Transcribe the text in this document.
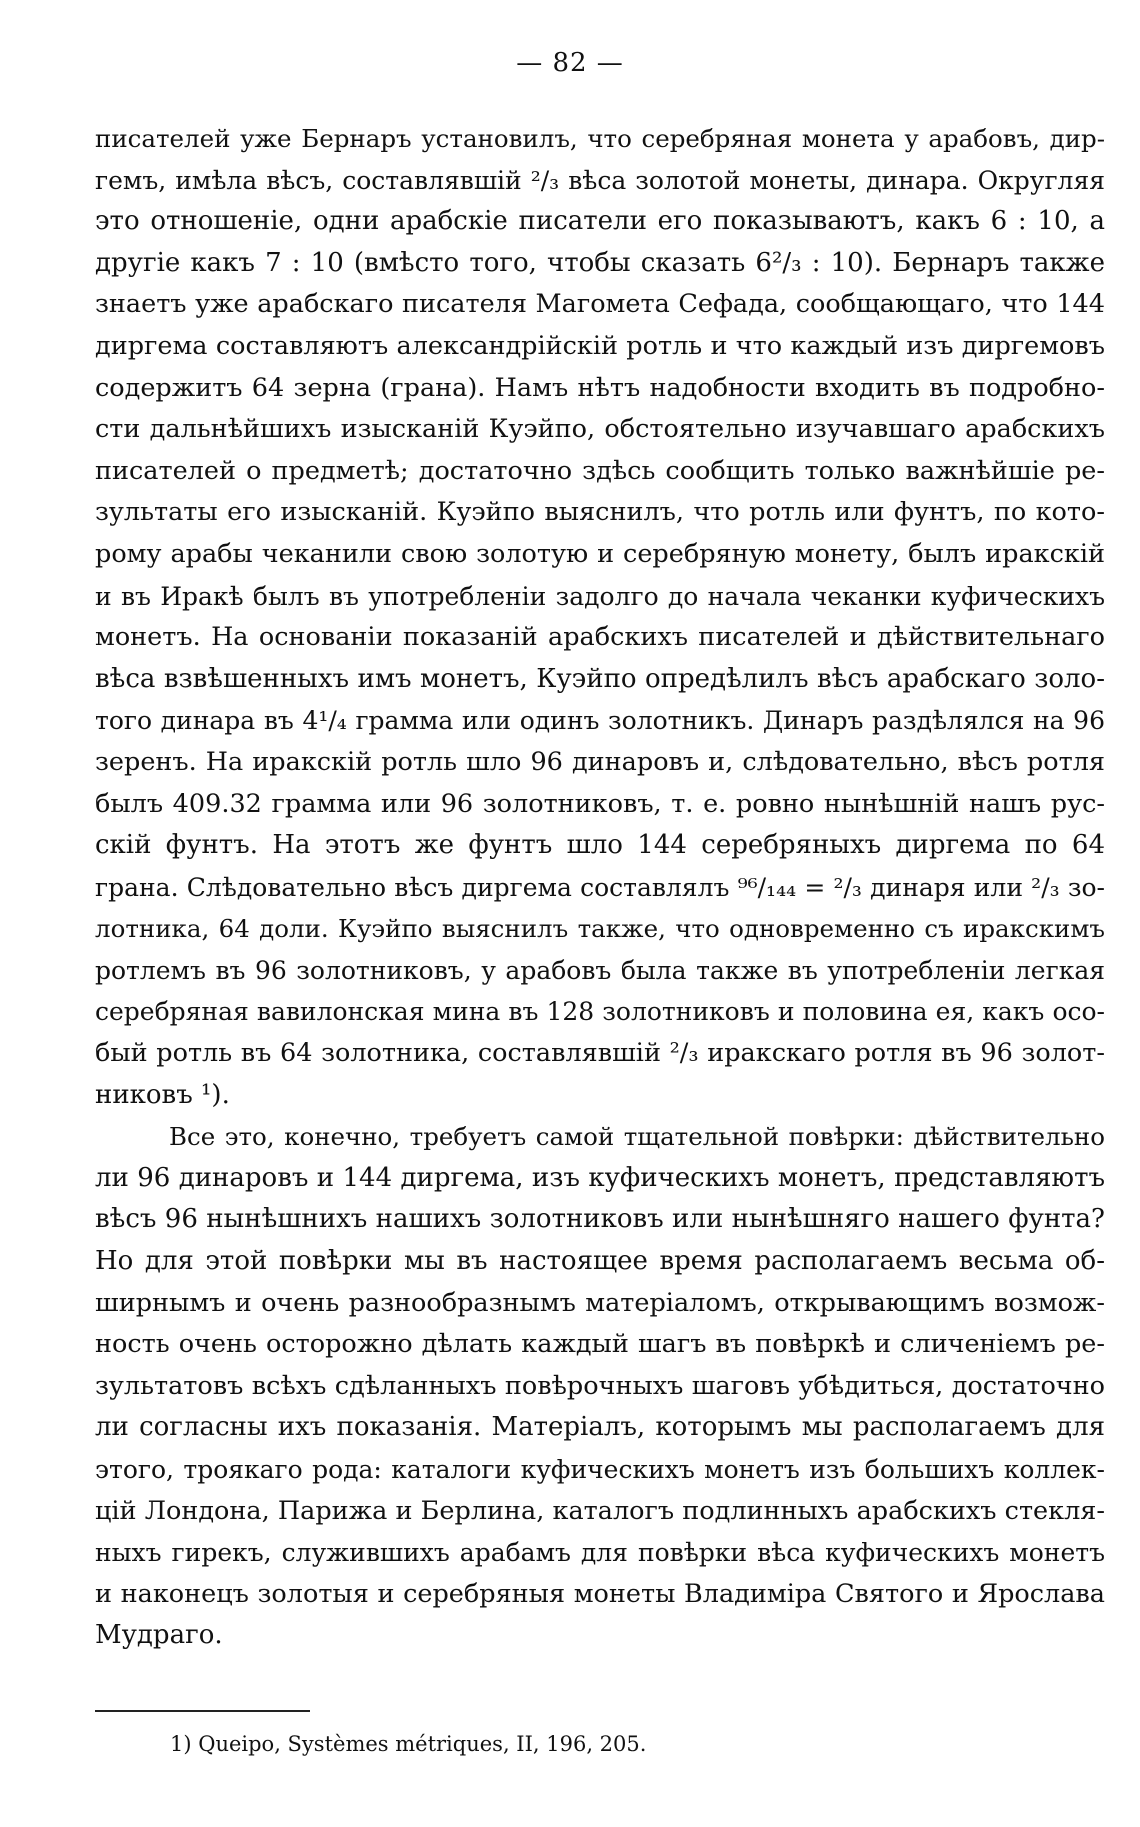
— 82 —
писателей уже Бернаръ установилъ, что серебряная монета у арабовъ, дир-
гемъ, имѣла вѣсъ, составлявшій ²/₃ вѣса золотой монеты, динара. Округляя
это отношеніе, одни арабскіе писатели его показываютъ, какъ 6 : 10, а
другіе какъ 7 : 10 (вмѣсто того, чтобы сказать 6²/₃ : 10). Бернаръ также
знаетъ уже арабскаго писателя Магомета Сефада, сообщающаго, что 144
диргема составляютъ александрійскій ротль и что каждый изъ диргемовъ
содержитъ 64 зерна (грана). Намъ нѣтъ надобности входить въ подробно-
сти дальнѣйшихъ изысканій Куэйпо, обстоятельно изучавшаго арабскихъ
писателей о предметѣ; достаточно здѣсь сообщить только важнѣйшіе ре-
зультаты его изысканій. Куэйпо выяснилъ, что ротль или фунтъ, по кото-
рому арабы чеканили свою золотую и серебряную монету, былъ иракскій
и въ Иракѣ былъ въ употребленіи задолго до начала чеканки куфическихъ
монетъ. На основаніи показаній арабскихъ писателей и дѣйствительнаго
вѣса взвѣшенныхъ имъ монетъ, Куэйпо опредѣлилъ вѣсъ арабскаго золо-
того динара въ 4¹/₄ грамма или одинъ золотникъ. Динаръ раздѣлялся на 96
зеренъ. На иракскій ротль шло 96 динаровъ и, слѣдовательно, вѣсъ ротля
былъ 409.32 грамма или 96 золотниковъ, т. е. ровно нынѣшній нашъ рус-
скій фунтъ. На этотъ же фунтъ шло 144 серебряныхъ диргема по 64
грана. Слѣдовательно вѣсъ диргема составлялъ ⁹⁶/₁₄₄ = ²/₃ динаря или ²/₃ зо-
лотника, 64 доли. Куэйпо выяснилъ также, что одновременно съ иракскимъ
ротлемъ въ 96 золотниковъ, у арабовъ была также въ употребленіи легкая
серебряная вавилонская мина въ 128 золотниковъ и половина ея, какъ осо-
бый ротль въ 64 золотника, составлявшій ²/₃ иракскаго ротля въ 96 золот-
никовъ ¹).
Все это, конечно, требуетъ самой тщательной повѣрки: дѣйствительно
ли 96 динаровъ и 144 диргема, изъ куфическихъ монетъ, представляютъ
вѣсъ 96 нынѣшнихъ нашихъ золотниковъ или нынѣшняго нашего фунта?
Но для этой повѣрки мы въ настоящее время располагаемъ весьма об-
ширнымъ и очень разнообразнымъ матеріаломъ, открывающимъ возмож-
ность очень осторожно дѣлать каждый шагъ въ повѣркѣ и сличеніемъ ре-
зультатовъ всѣхъ сдѣланныхъ повѣрочныхъ шаговъ убѣдиться, достаточно
ли согласны ихъ показанія. Матеріалъ, которымъ мы располагаемъ для
этого, троякаго рода: каталоги куфическихъ монетъ изъ большихъ коллек-
цій Лондона, Парижа и Берлина, каталогъ подлинныхъ арабскихъ стекля-
ныхъ гирекъ, служившихъ арабамъ для повѣрки вѣса куфическихъ монетъ
и наконецъ золотыя и серебряныя монеты Владиміра Святого и Ярослава
Мудраго.
1) Queipo, Systèmes métriques, II, 196, 205.
